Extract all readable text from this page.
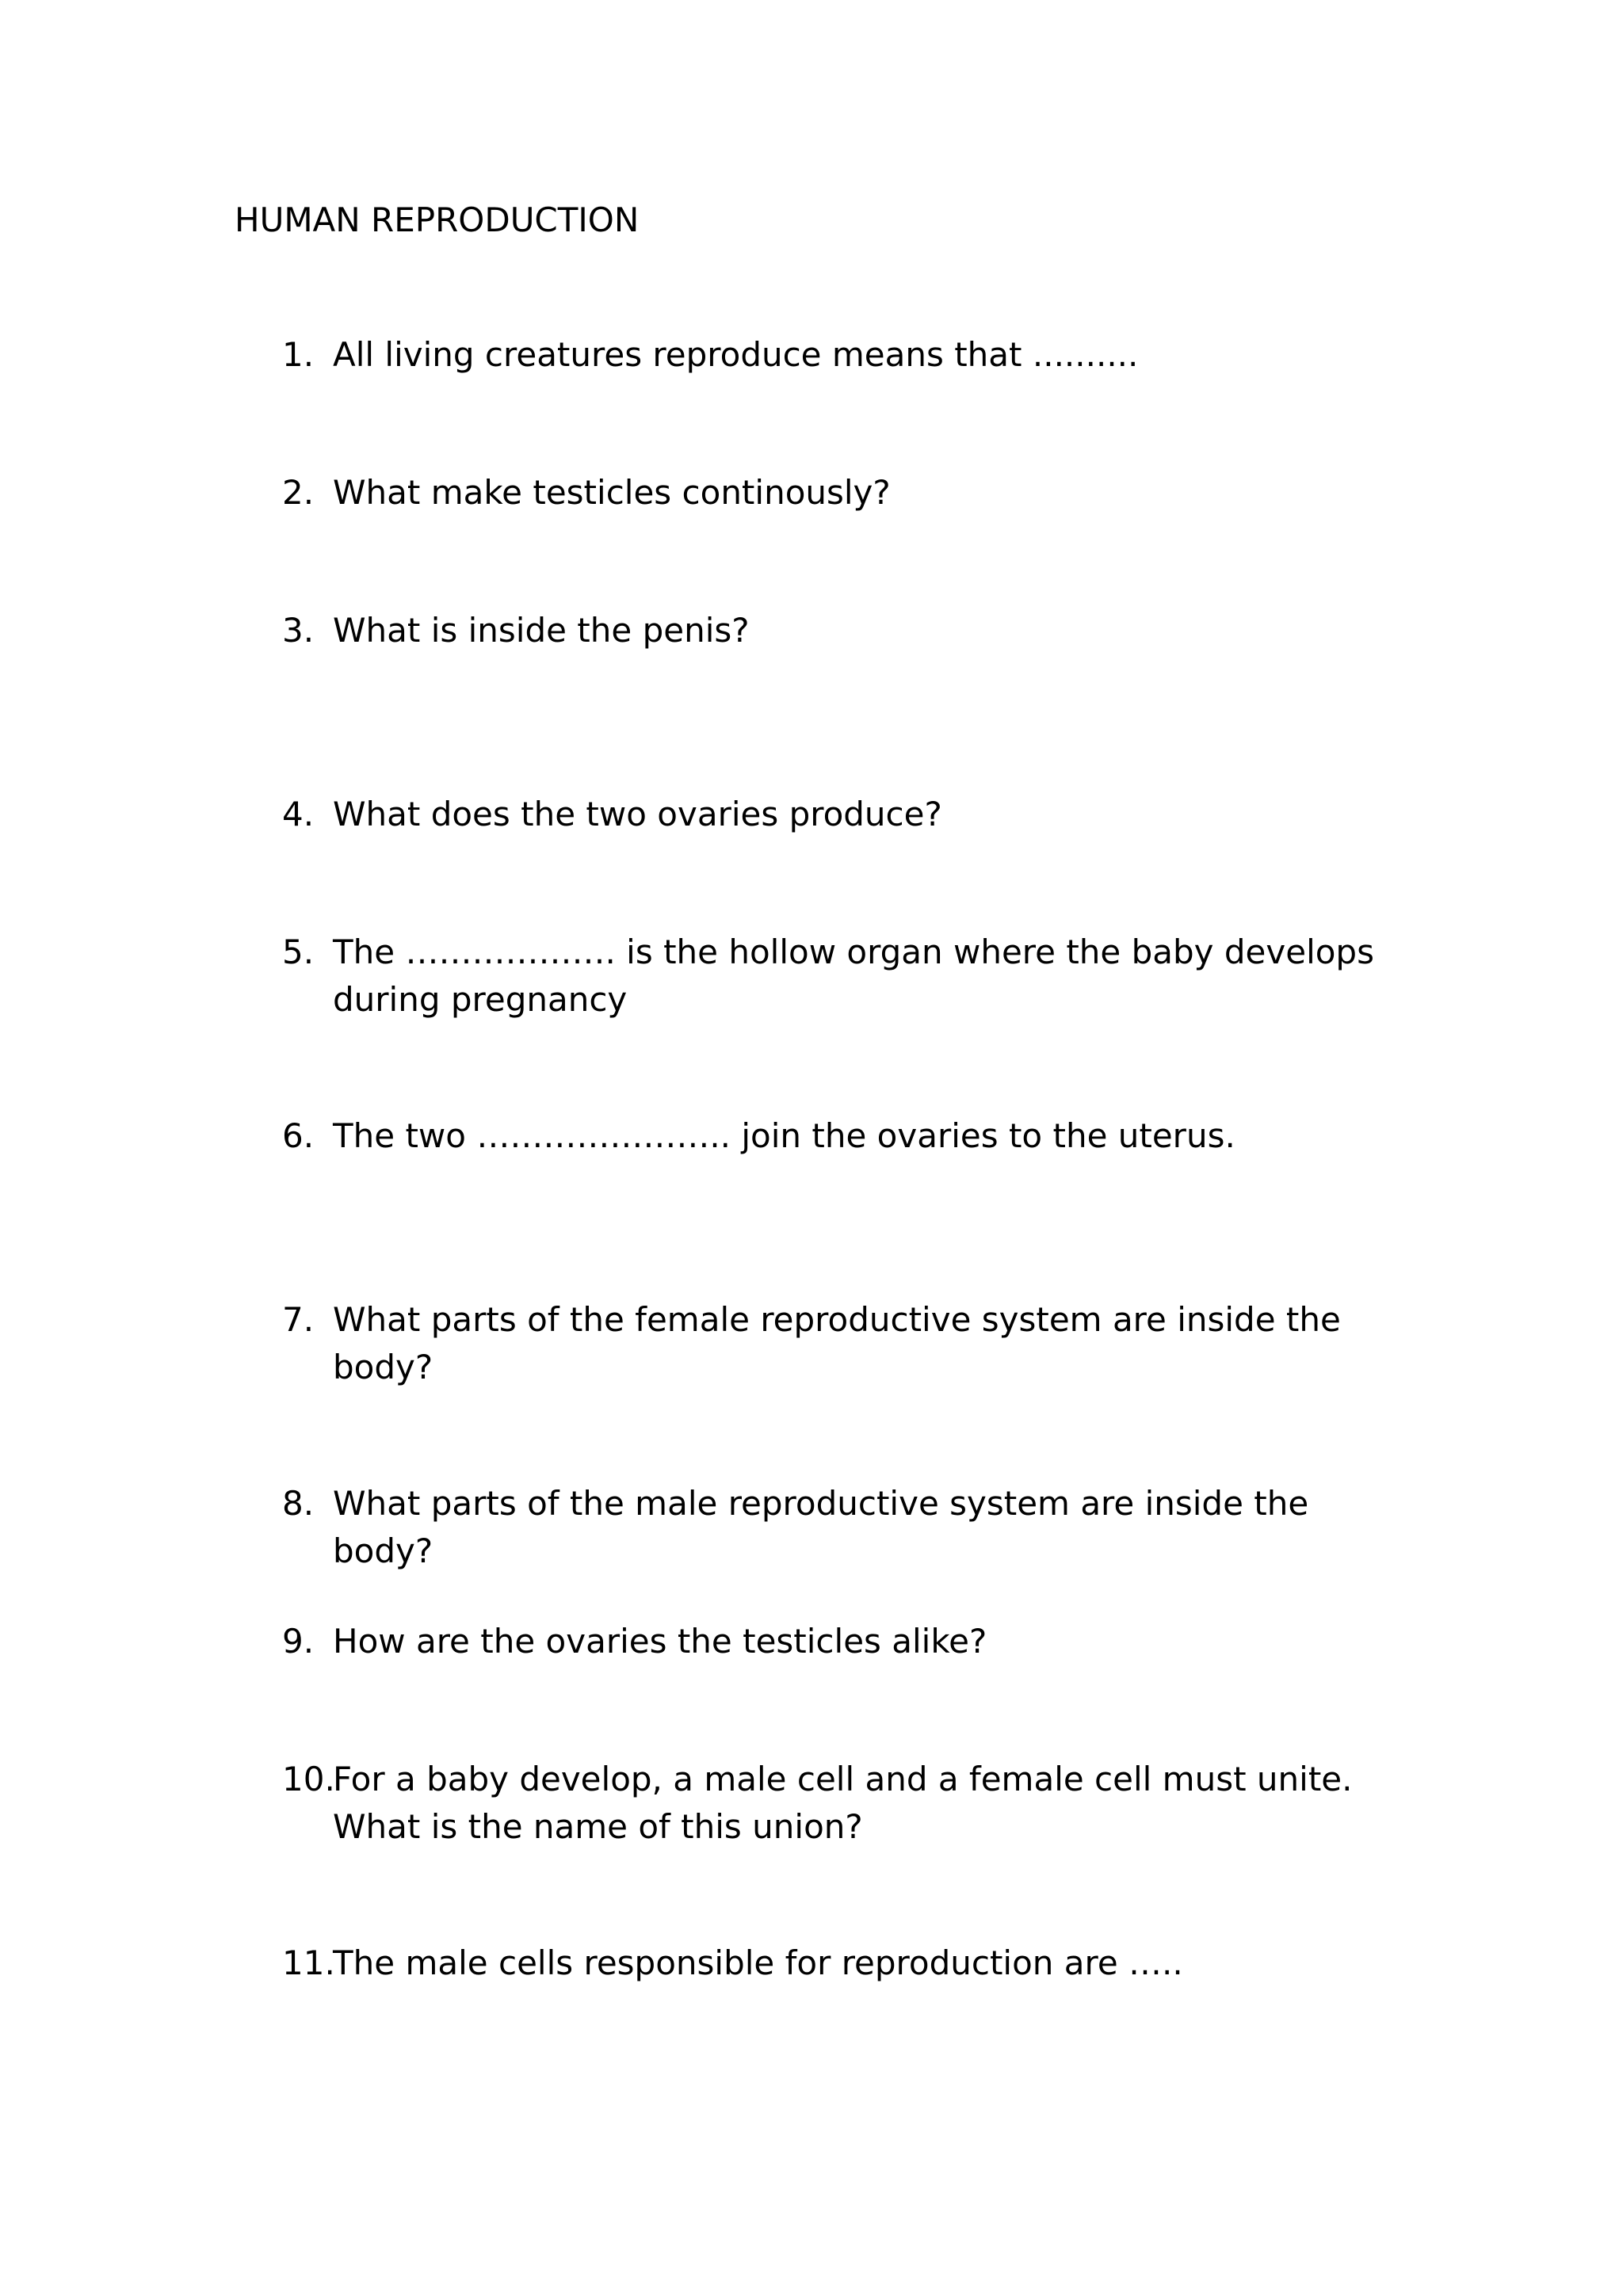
HUMAN REPRODUCTION
1. All living creatures reproduce means that ..........
2. What make testicles continously?
3. What is inside the penis?
4. What does the two ovaries produce?
5. The ………………. is the hollow organ where the baby develops during pregnancy
6. The two ………………….. join the ovaries to the uterus.
7. What parts of the female reproductive system are inside the body?
8. What parts of the male reproductive system are inside the body?
9. How are the ovaries the testicles alike?
10.
For a baby develop, a male cell and a female cell must unite. What is the name of this union?
11.
The male cells responsible for reproduction are …..
